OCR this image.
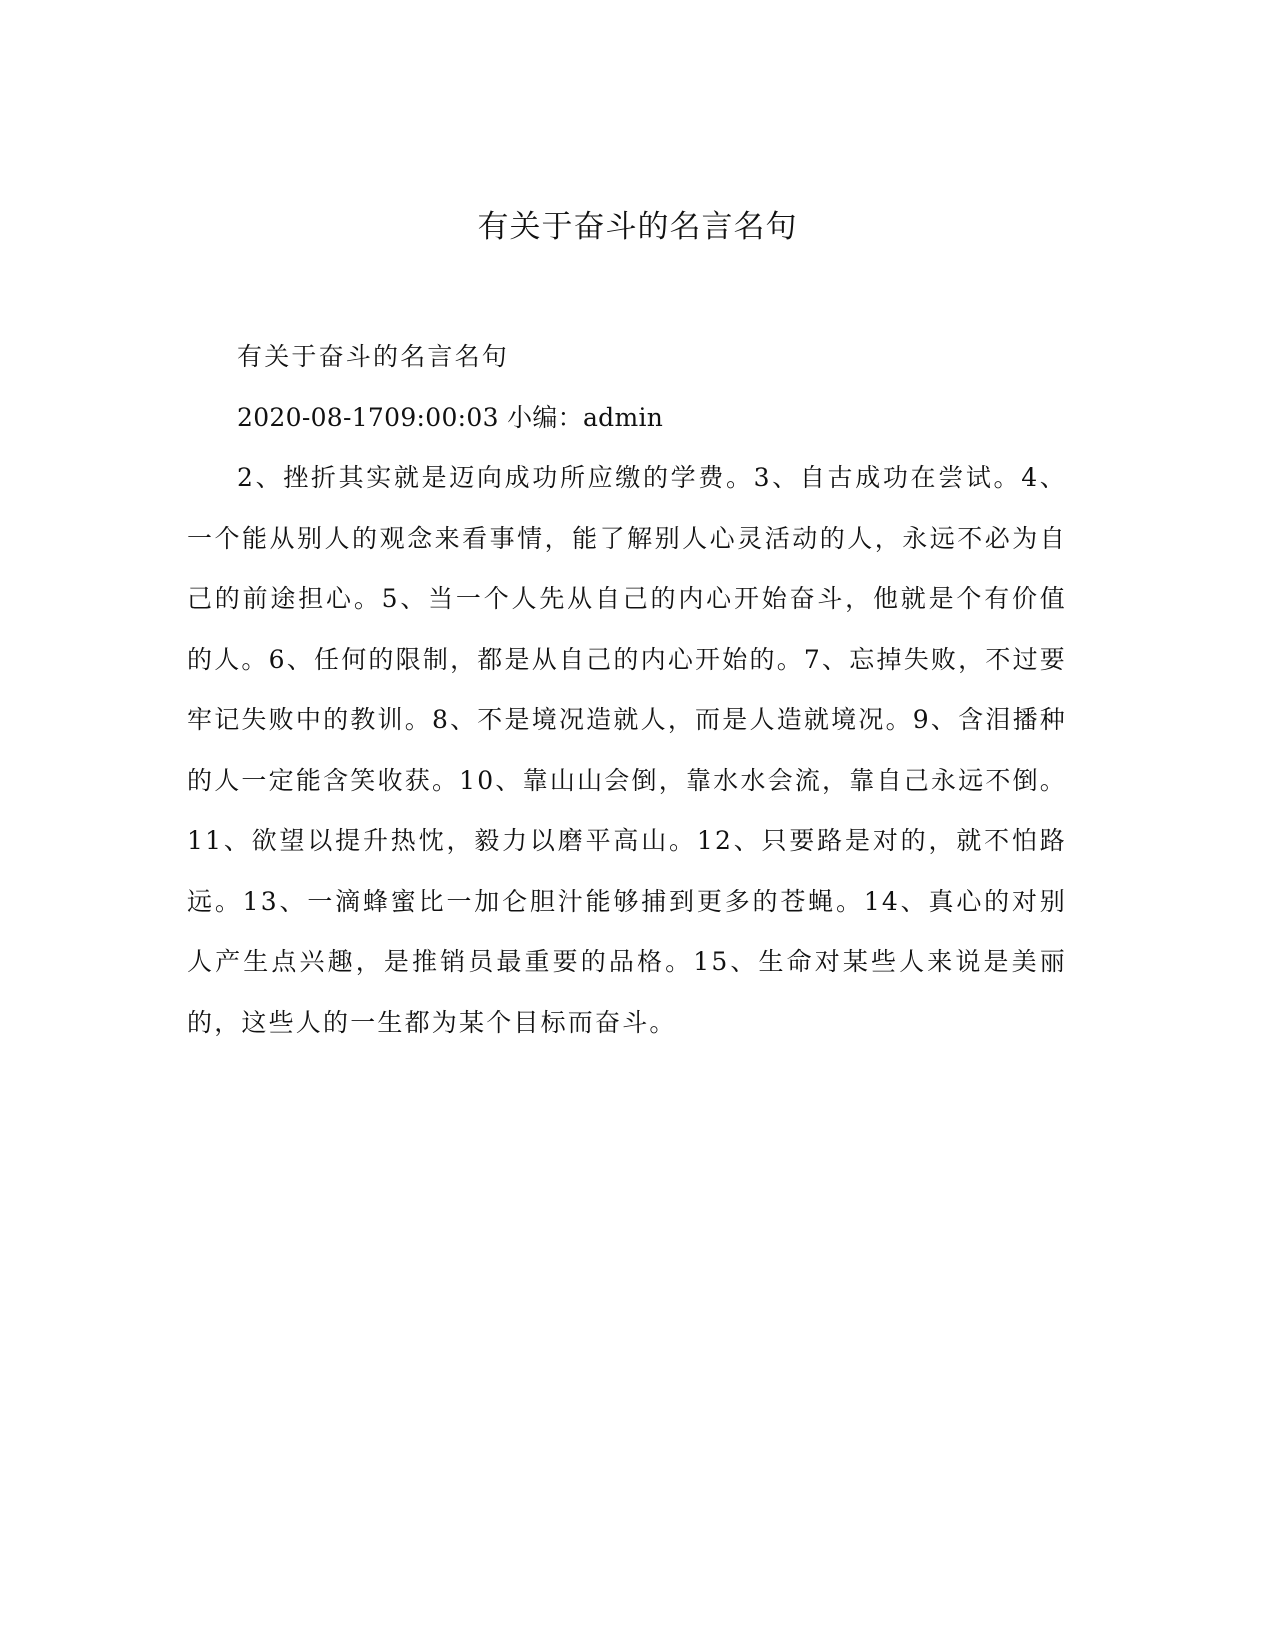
有关于奋斗的名言名句

有关于奋斗的名言名句

2020-08-1709:00:03 小编：admin

2、挫折其实就是迈向成功所应缴的学费。3、自古成功在尝试。4、一个能从别人的观念来看事情，能了解别人心灵活动的人，永远不必为自己的前途担心。5、当一个人先从自己的内心开始奋斗，他就是个有价值的人。6、任何的限制，都是从自己的内心开始的。7、忘掉失败，不过要牢记失败中的教训。8、不是境况造就人，而是人造就境况。9、含泪播种的人一定能含笑收获。10、靠山山会倒，靠水水会流，靠自己永远不倒。11、欲望以提升热忱，毅力以磨平高山。12、只要路是对的，就不怕路远。13、一滴蜂蜜比一加仑胆汁能够捕到更多的苍蝇。14、真心的对别人产生点兴趣，是推销员最重要的品格。15、生命对某些人来说是美丽的，这些人的一生都为某个目标而奋斗。
